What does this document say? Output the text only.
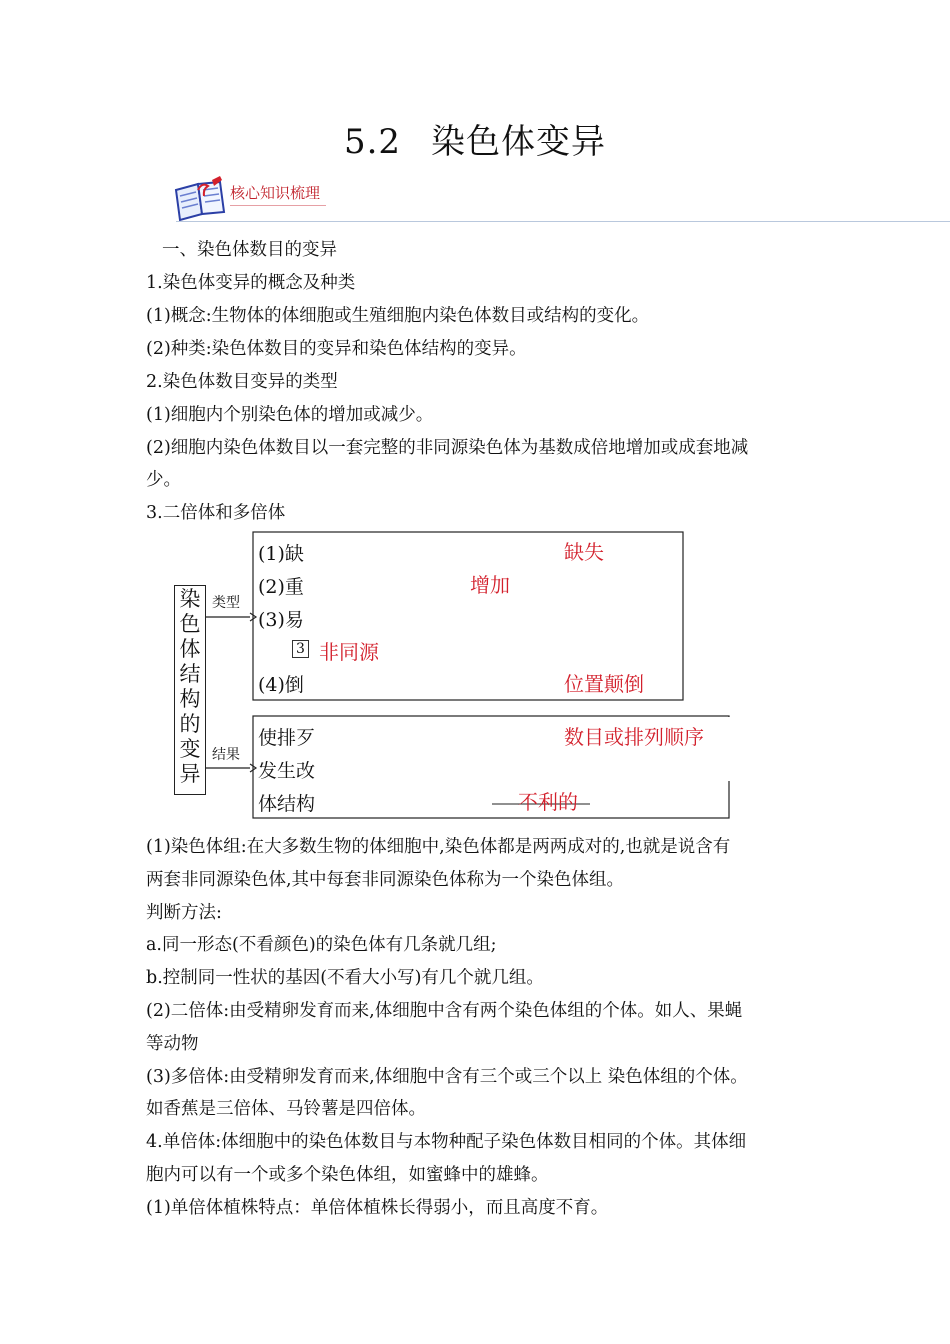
5.2 染色体变异
核心知识梳理
一、染色体数目的变异
1.染色体变异的概念及种类
(1)概念:生物体的体细胞或生殖细胞内染色体数目或结构的变化。
(2)种类:染色体数目的变异和染色体结构的变异。
2.染色体数目变异的类型
(1)细胞内个别染色体的增加或减少。
(2)细胞内染色体数目以一套完整的非同源染色体为基数成倍地增加或成套地减
少。
3.二倍体和多倍体
染
色
体
结
构
的
变
异
类型
结果
(1)缺
(2)重
(3)易
3
(4)倒
使排歹
发生改
体结构
缺失
增加
非同源
位置颠倒
数目或排列顺序
不利的
(1)染色体组:在大多数生物的体细胞中,染色体都是两两成对的,也就是说含有
两套非同源染色体,其中每套非同源染色体称为一个染色体组。
判断方法:
a.同一形态(不看颜色)的染色体有几条就几组;
b.控制同一性状的基因(不看大小写)有几个就几组。
(2)二倍体:由受精卵发育而来,体细胞中含有两个染色体组的个体。如人、果蝇
等动物
(3)多倍体:由受精卵发育而来,体细胞中含有三个或三个以上 染色体组的个体。
如香蕉是三倍体、马铃薯是四倍体。
4.单倍体:体细胞中的染色体数目与本物种配子染色体数目相同的个体。其体细
胞内可以有一个或多个染色体组，如蜜蜂中的雄蜂。
(1)单倍体植株特点：单倍体植株长得弱小，而且高度不育。
